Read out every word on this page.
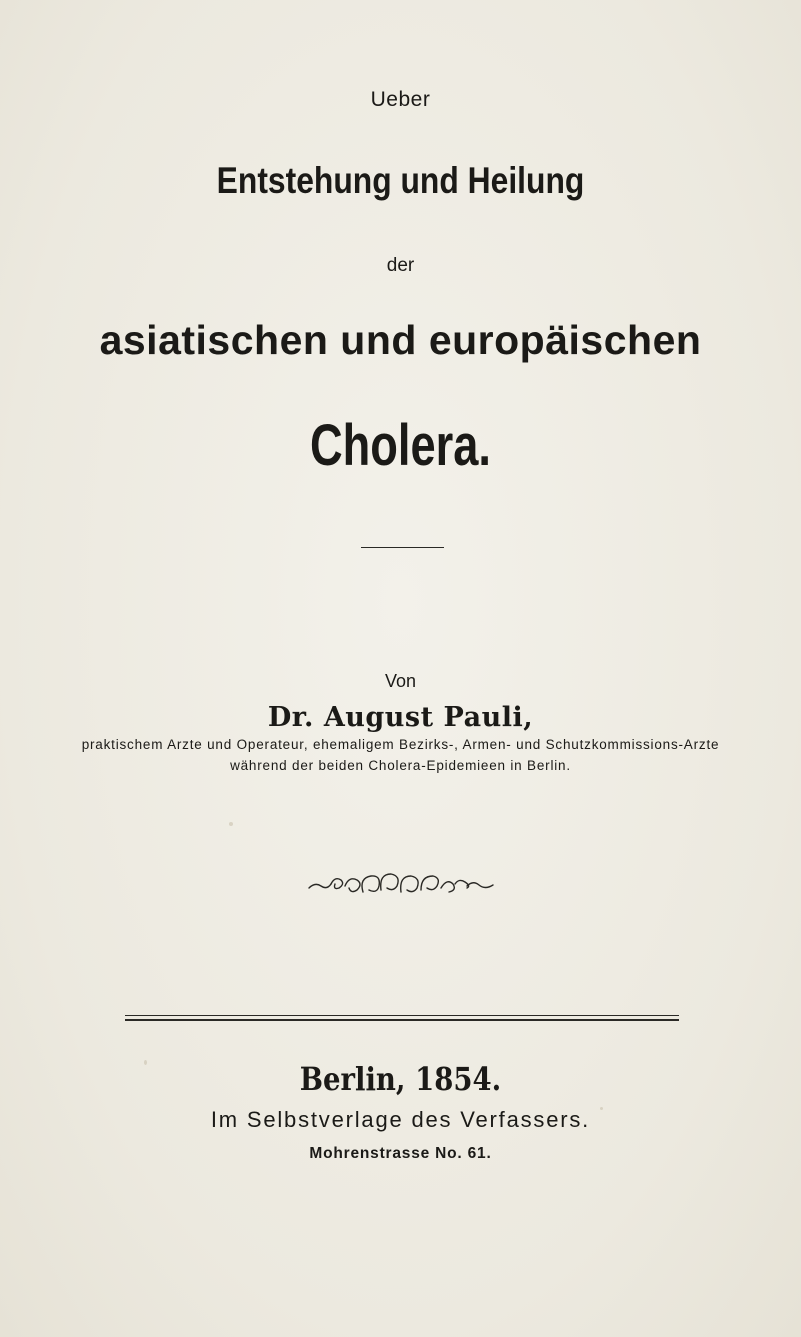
Ueber
Entstehung und Heilung
der
asiatischen und europäischen
Cholera.
Von
Dr. August Pauli,
praktischem Arzte und Operateur, ehemaligem Bezirks-, Armen- und Schutzkommissions-Arzte
während der beiden Cholera-Epidemieen in Berlin.
Berlin, 1854.
Im Selbstverlage des Verfassers.
Mohrenstrasse No. 61.
